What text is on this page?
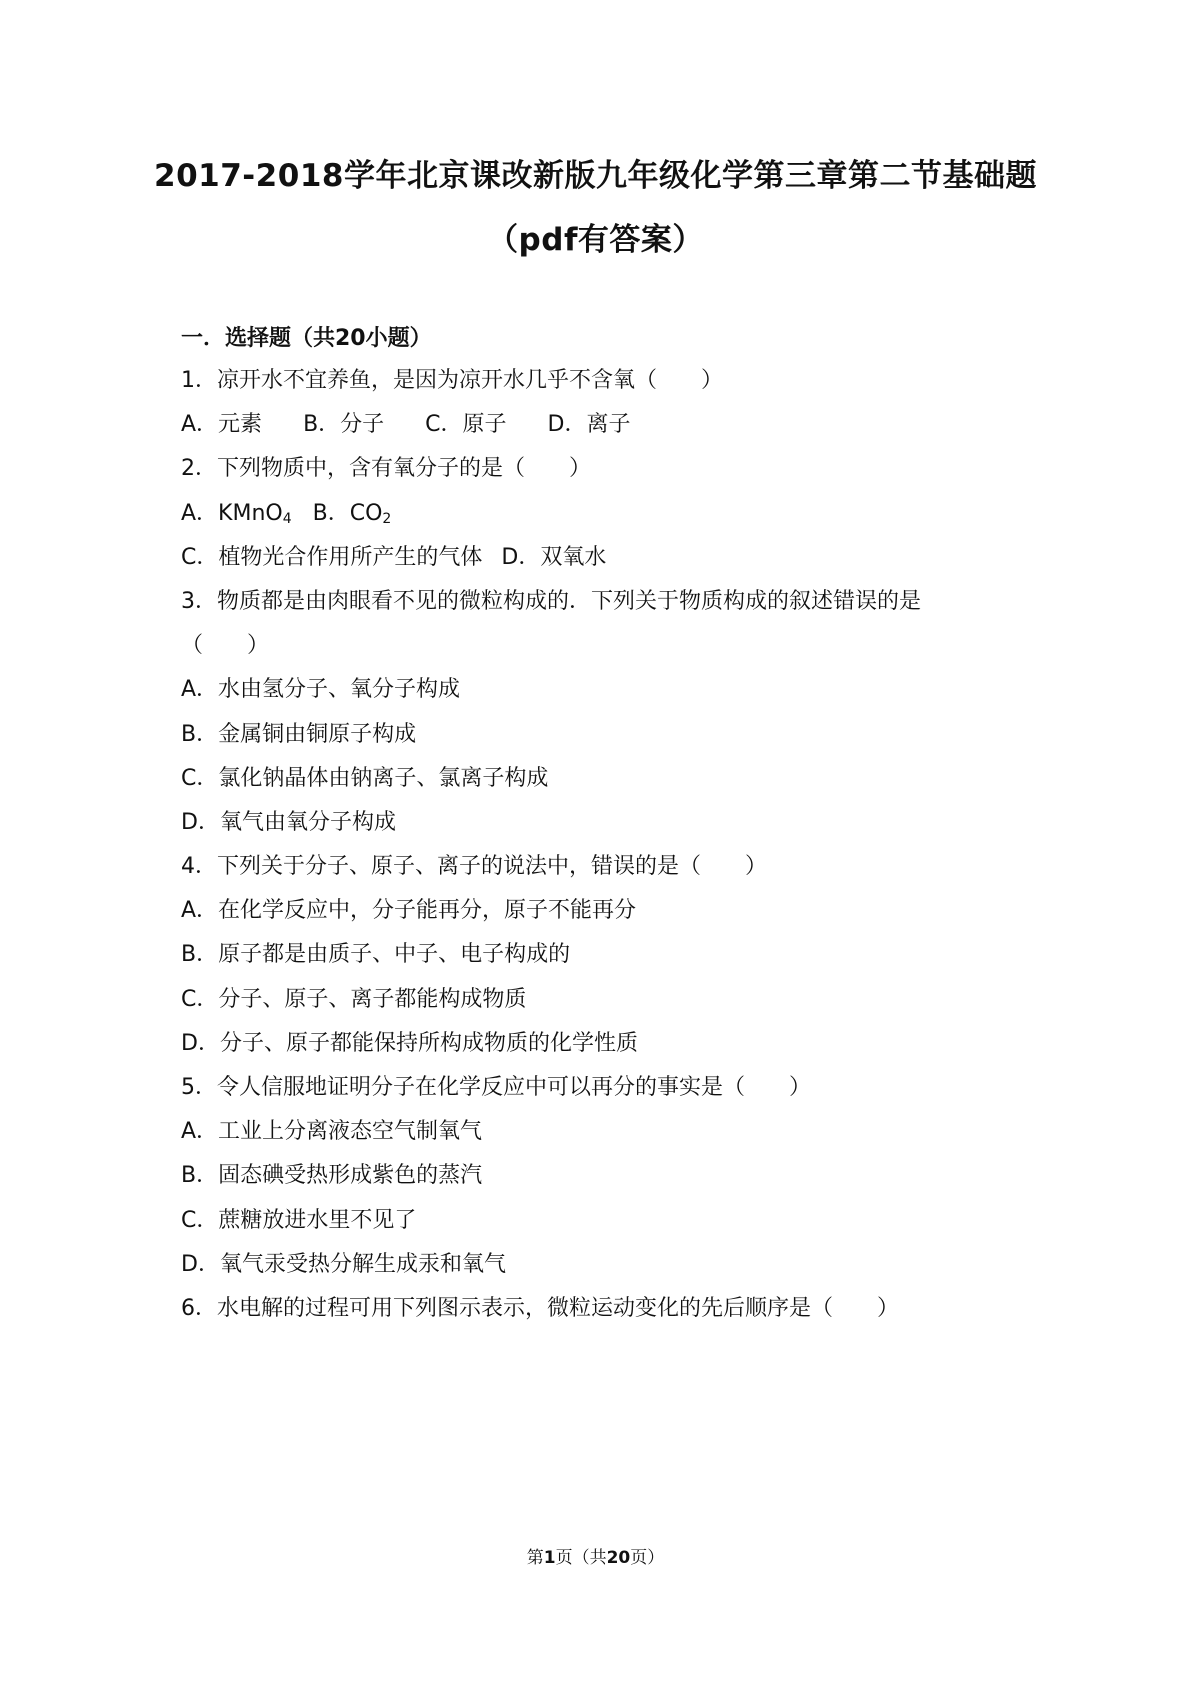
2017-2018学年北京课改新版九年级化学第三章第二节基础题
（pdf有答案）
一．选择题（共20小题）
1．凉开水不宜养鱼，是因为凉开水几乎不含氧（　　）
A．元素 B．分子 C．原子 D．离子
2．下列物质中，含有氧分子的是（　　）
A．KMnO$_4$ B．$CO_2$
C．植物光合作用所产生的气体 D．双氧水
3．物质都是由肉眼看不见的微粒构成的．下列关于物质构成的叙述错误的是
（　　）
A．水由氢分子、氧分子构成
B．金属铜由铜原子构成
C．氯化钠晶体由钠离子、氯离子构成
D．氧气由氧分子构成
4．下列关于分子、原子、离子的说法中，错误的是（　　）
A．在化学反应中，分子能再分，原子不能再分
B．原子都是由质子、中子、电子构成的
C．分子、原子、离子都能构成物质
D．分子、原子都能保持所构成物质的化学性质
5．令人信服地证明分子在化学反应中可以再分的事实是（　　）
A．工业上分离液态空气制氧气
B．固态碘受热形成紫色的蒸汽
C．蔗糖放进水里不见了
D．氧气汞受热分解生成汞和氧气
6．水电解的过程可用下列图示表示，微粒运动变化的先后顺序是（　　）
第1页（共20页）
